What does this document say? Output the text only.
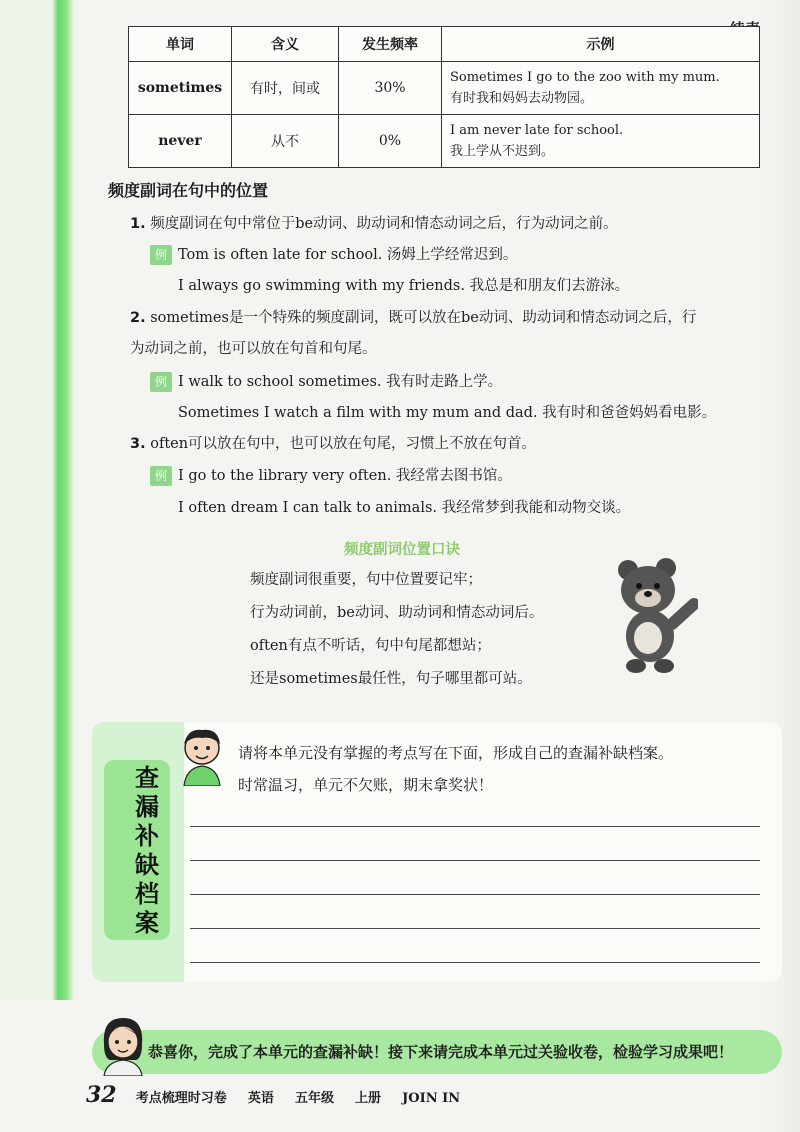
单词	含义	发生频率	示例
sometimes	有时，间或	30%	Sometimes I go to the zoo with my mum.
有时我和妈妈去动物园。

never	从不	0%	I am never late for school.
我上学从不迟到。
频度副词在句中的位置
1. 频度副词在句中常位于be动词、助动词和情态动词之后，行为动词之前。
例 Tom is often late for school. 汤姆上学经常迟到。
I always go swimming with my friends. 我总是和朋友们去游泳。
2. sometimes是一个特殊的频度副词，既可以放在be动词、助动词和情态动词之后，行
为动词之前，也可以放在句首和句尾。
例 I walk to school sometimes. 我有时走路上学。
Sometimes I watch a film with my mum and dad. 我有时和爸爸妈妈看电影。
3. often可以放在句中，也可以放在句尾，习惯上不放在句首。
例 I go to the library very often. 我经常去图书馆。
I often dream I can talk to animals. 我经常梦到我能和动物交谈。
频度副词位置口诀
频度副词很重要，句中位置要记牢；
行为动词前，be动词、助动词和情态动词后。
often有点不听话，句中句尾都想站；
还是sometimes最任性，句子哪里都可站。
查
漏
补
缺
档
案
请将本单元没有掌握的考点写在下面，形成自己的查漏补缺档案。
时常温习，单元不欠账，期末拿奖状！
恭喜你，完成了本单元的查漏补缺！接下来请完成本单元过关验收卷，检验学习成果吧！
32 考点梳理时习卷 英语 五年级 上册 JOIN IN
